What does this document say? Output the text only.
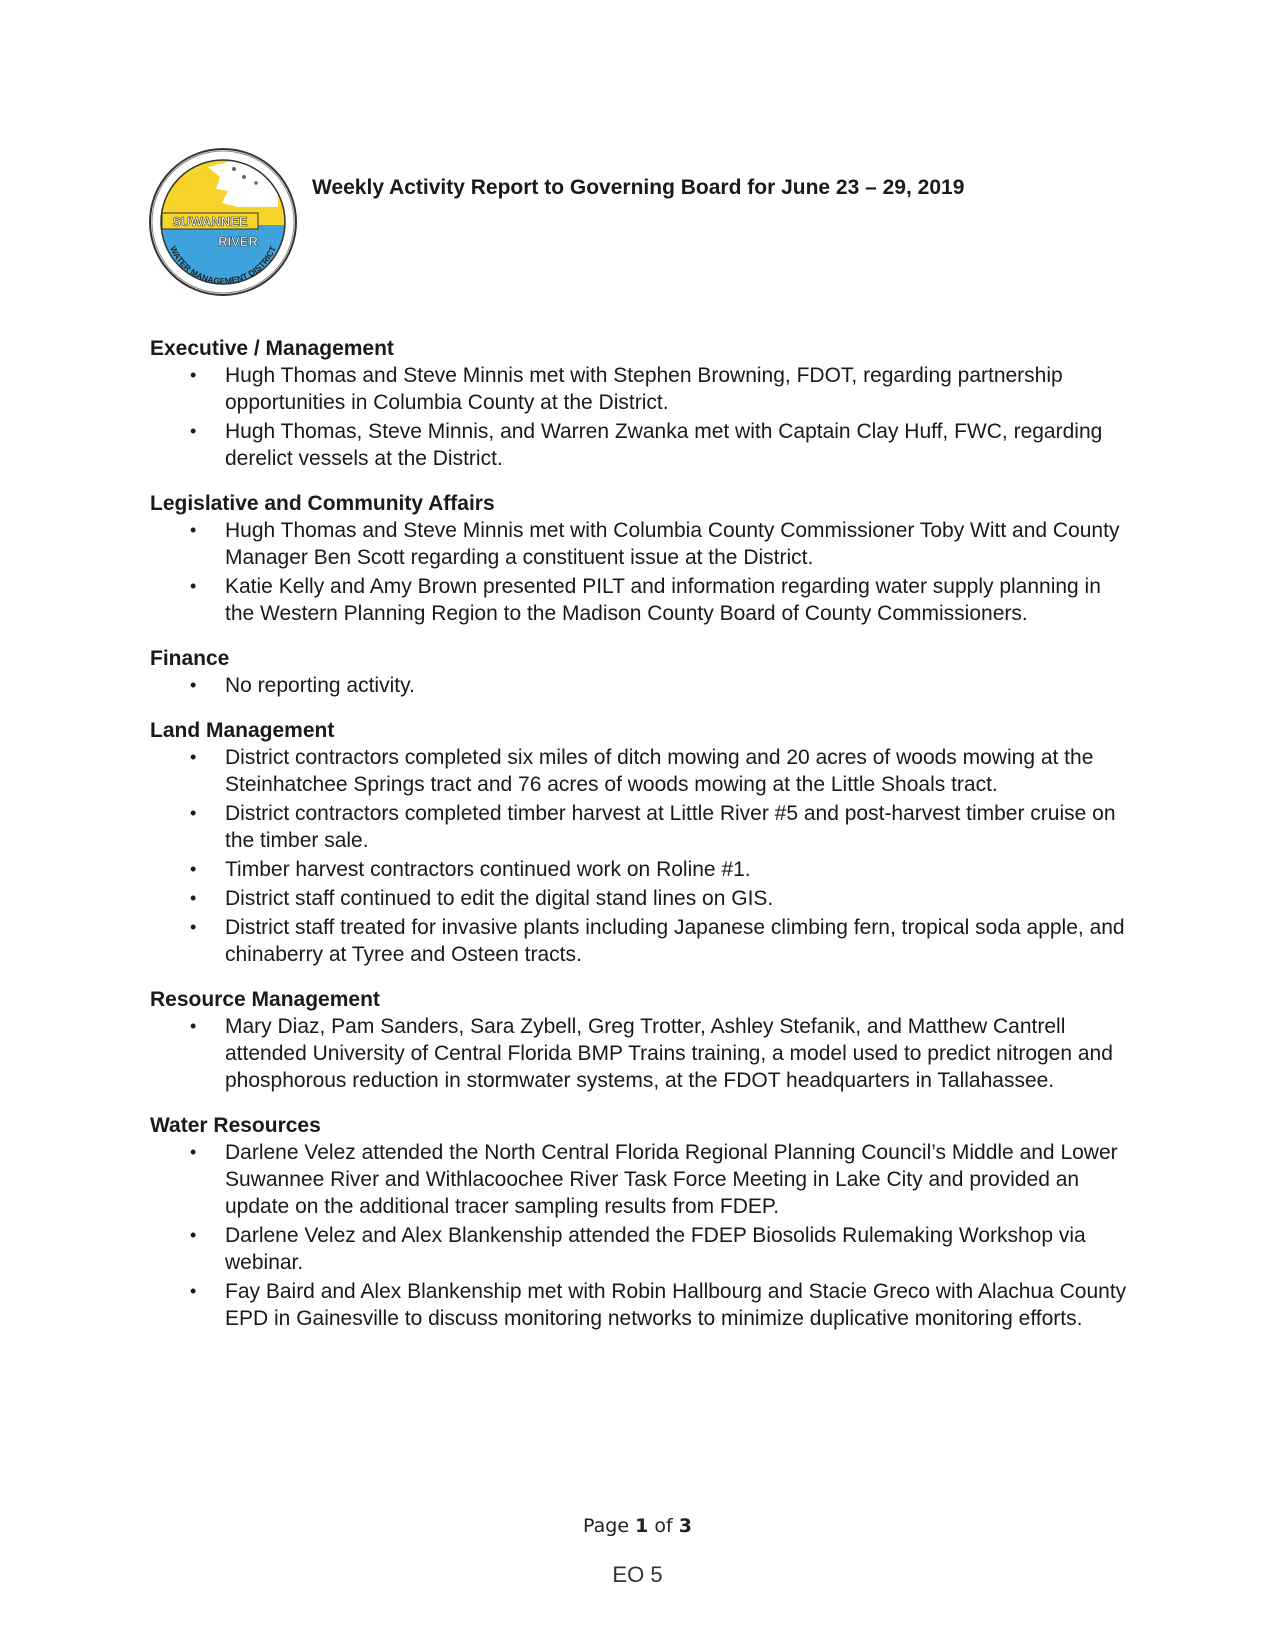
SUWANNEE
RIVER
WATER MANAGEMENT DISTRICT
Weekly Activity Report to Governing Board for June 23 – 29, 2019
Executive / Management
• Hugh Thomas and Steve Minnis met with Stephen Browning, FDOT, regarding partnership opportunities in Columbia County at the District.
• Hugh Thomas, Steve Minnis, and Warren Zwanka met with Captain Clay Huff, FWC, regarding derelict vessels at the District.
Legislative and Community Affairs
• Hugh Thomas and Steve Minnis met with Columbia County Commissioner Toby Witt and County Manager Ben Scott regarding a constituent issue at the District.
• Katie Kelly and Amy Brown presented PILT and information regarding water supply planning in the Western Planning Region to the Madison County Board of County Commissioners.
Finance
• No reporting activity.
Land Management
• District contractors completed six miles of ditch mowing and 20 acres of woods mowing at the Steinhatchee Springs tract and 76 acres of woods mowing at the Little Shoals tract.
• District contractors completed timber harvest at Little River #5 and post-harvest timber cruise on the timber sale.
• Timber harvest contractors continued work on Roline #1.
• District staff continued to edit the digital stand lines on GIS.
• District staff treated for invasive plants including Japanese climbing fern, tropical soda apple, and chinaberry at Tyree and Osteen tracts.
Resource Management
• Mary Diaz, Pam Sanders, Sara Zybell, Greg Trotter, Ashley Stefanik, and Matthew Cantrell attended University of Central Florida BMP Trains training, a model used to predict nitrogen and phosphorous reduction in stormwater systems, at the FDOT headquarters in Tallahassee.
Water Resources
• Darlene Velez attended the North Central Florida Regional Planning Council’s Middle and Lower Suwannee River and Withlacoochee River Task Force Meeting in Lake City and provided an update on the additional tracer sampling results from FDEP.
• Darlene Velez and Alex Blankenship attended the FDEP Biosolids Rulemaking Workshop via webinar.
• Fay Baird and Alex Blankenship met with Robin Hallbourg and Stacie Greco with Alachua County EPD in Gainesville to discuss monitoring networks to minimize duplicative monitoring efforts.
Page 1 of 3
EO 5
